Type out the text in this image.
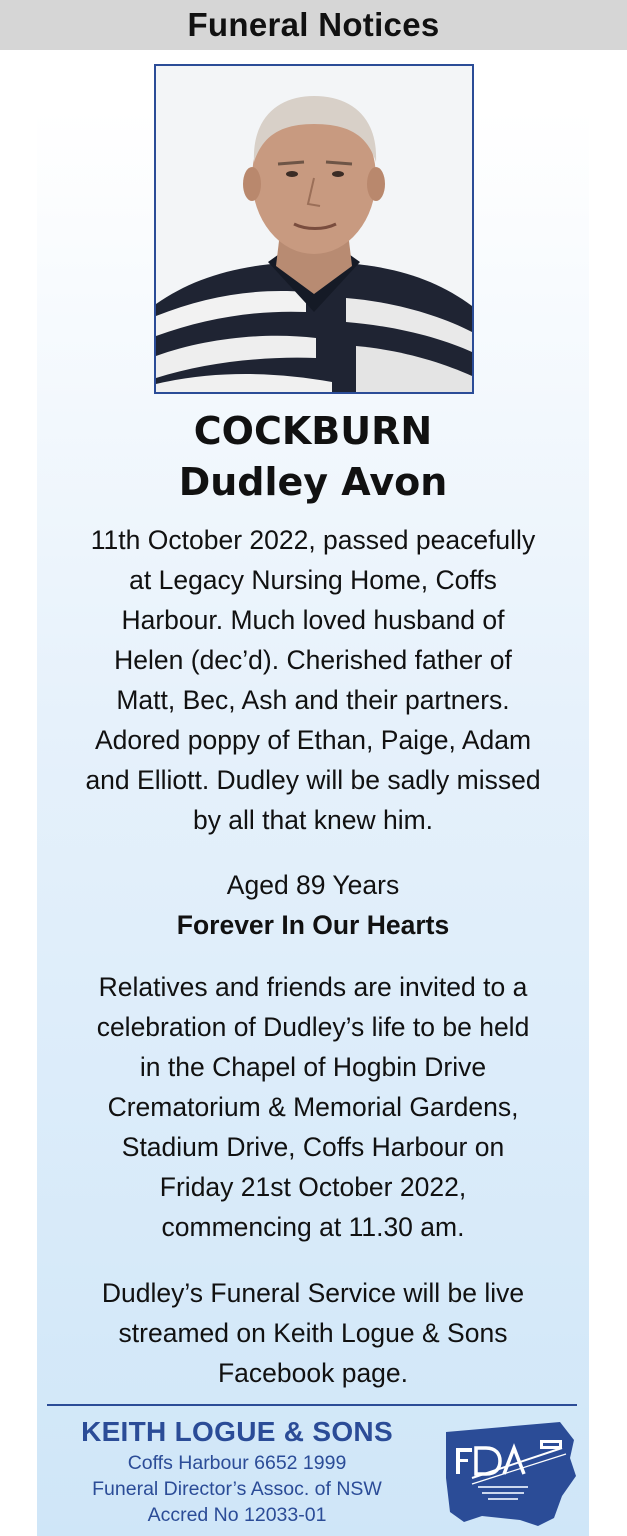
Funeral Notices
COCKBURN
Dudley Avon
11th October 2022, passed peacefully
at Legacy Nursing Home, Coffs
Harbour. Much loved husband of
Helen (dec’d). Cherished father of
Matt, Bec, Ash and their partners.
Adored poppy of Ethan, Paige, Adam
and Elliott. Dudley will be sadly missed
by all that knew him.
Aged 89 Years
Forever In Our Hearts
Relatives and friends are invited to a
celebration of Dudley’s life to be held
in the Chapel of Hogbin Drive
Crematorium & Memorial Gardens,
Stadium Drive, Coffs Harbour on
Friday 21st October 2022,
commencing at 11.30 am.
Dudley’s Funeral Service will be live
streamed on Keith Logue & Sons
Facebook page.
KEITH LOGUE & SONS
Coffs Harbour 6652 1999
Funeral Director’s Assoc. of NSW
Accred No 12033-01
